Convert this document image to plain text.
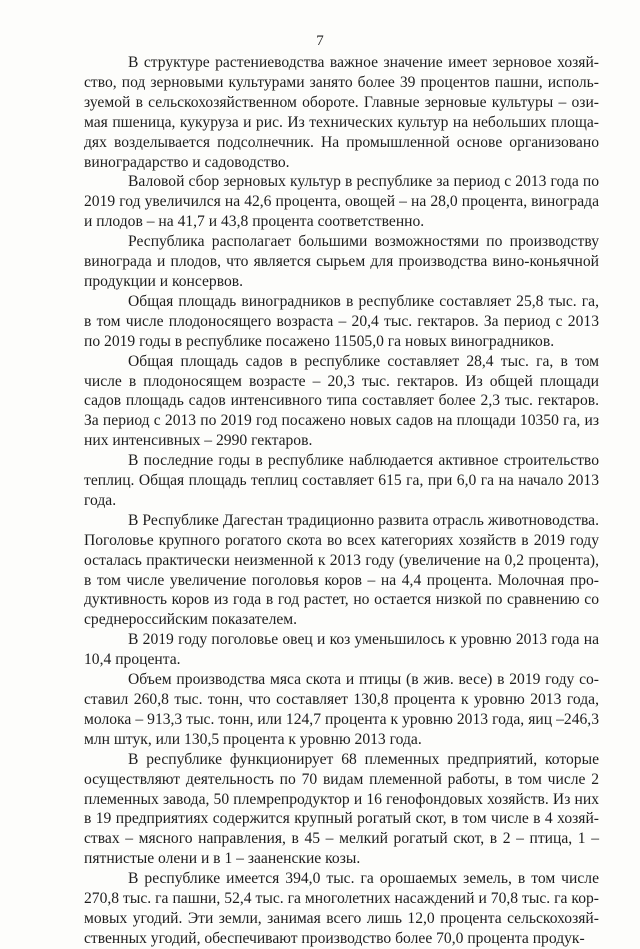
7

В структуре растениеводства важное значение имеет зерновое хозяйство, под зерновыми культурами занято более 39 процентов пашни, используемой в сельскохозяйственном обороте. Главные зерновые культуры – озимая пшеница, кукуруза и рис. Из технических культур на небольших площадях возделывается подсолнечник. На промышленной основе организовано виноградарство и садоводство.

Валовой сбор зерновых культур в республике за период с 2013 года по 2019 год увеличился на 42,6 процента, овощей – на 28,0 процента, винограда и плодов – на 41,7 и 43,8 процента соответственно.

Республика располагает большими возможностями по производству винограда и плодов, что является сырьем для производства вино-коньячной продукции и консервов.

Общая площадь виноградников в республике составляет 25,8 тыс. га, в том числе плодоносящего возраста – 20,4 тыс. гектаров. За период с 2013 по 2019 годы в республике посажено 11505,0 га новых виноградников.

Общая площадь садов в республике составляет 28,4 тыс. га, в том числе в плодоносящем возрасте – 20,3 тыс. гектаров. Из общей площади садов площадь садов интенсивного типа составляет более 2,3 тыс. гектаров. За период с 2013 по 2019 год посажено новых садов на площади 10350 га, из них интенсивных – 2990 гектаров.

В последние годы в республике наблюдается активное строительство теплиц. Общая площадь теплиц составляет 615 га, при 6,0 га на начало 2013 года.

В Республике Дагестан традиционно развита отрасль животноводства. Поголовье крупного рогатого скота во всех категориях хозяйств в 2019 году осталась практически неизменной к 2013 году (увеличение на 0,2 процента), в том числе увеличение поголовья коров – на 4,4 процента. Молочная продуктивность коров из года в год растет, но остается низкой по сравнению со среднероссийским показателем.

В 2019 году поголовье овец и коз уменьшилось к уровню 2013 года на 10,4 процента.

Объем производства мяса скота и птицы (в жив. весе) в 2019 году составил 260,8 тыс. тонн, что составляет 130,8 процента к уровню 2013 года, молока – 913,3 тыс. тонн, или 124,7 процента к уровню 2013 года, яиц –246,3 млн штук, или 130,5 процента к уровню 2013 года.

В республике функционирует 68 племенных предприятий, которые осуществляют деятельность по 70 видам племенной работы, в том числе 2 племенных завода, 50 племрепродуктор и 16 генофондовых хозяйств. Из них в 19 предприятиях содержится крупный рогатый скот, в том числе в 4 хозяйствах – мясного направления, в 45 – мелкий рогатый скот, в 2 – птица, 1 – пятнистые олени и в 1 – зааненские козы.

В республике имеется 394,0 тыс. га орошаемых земель, в том числе 270,8 тыс. га пашни, 52,4 тыс. га многолетних насаждений и 70,8 тыс. га кормовых угодий. Эти земли, занимая всего лишь 12,0 процента сельскохозяйственных угодий, обеспечивают производство более 70,0 процента продук-
